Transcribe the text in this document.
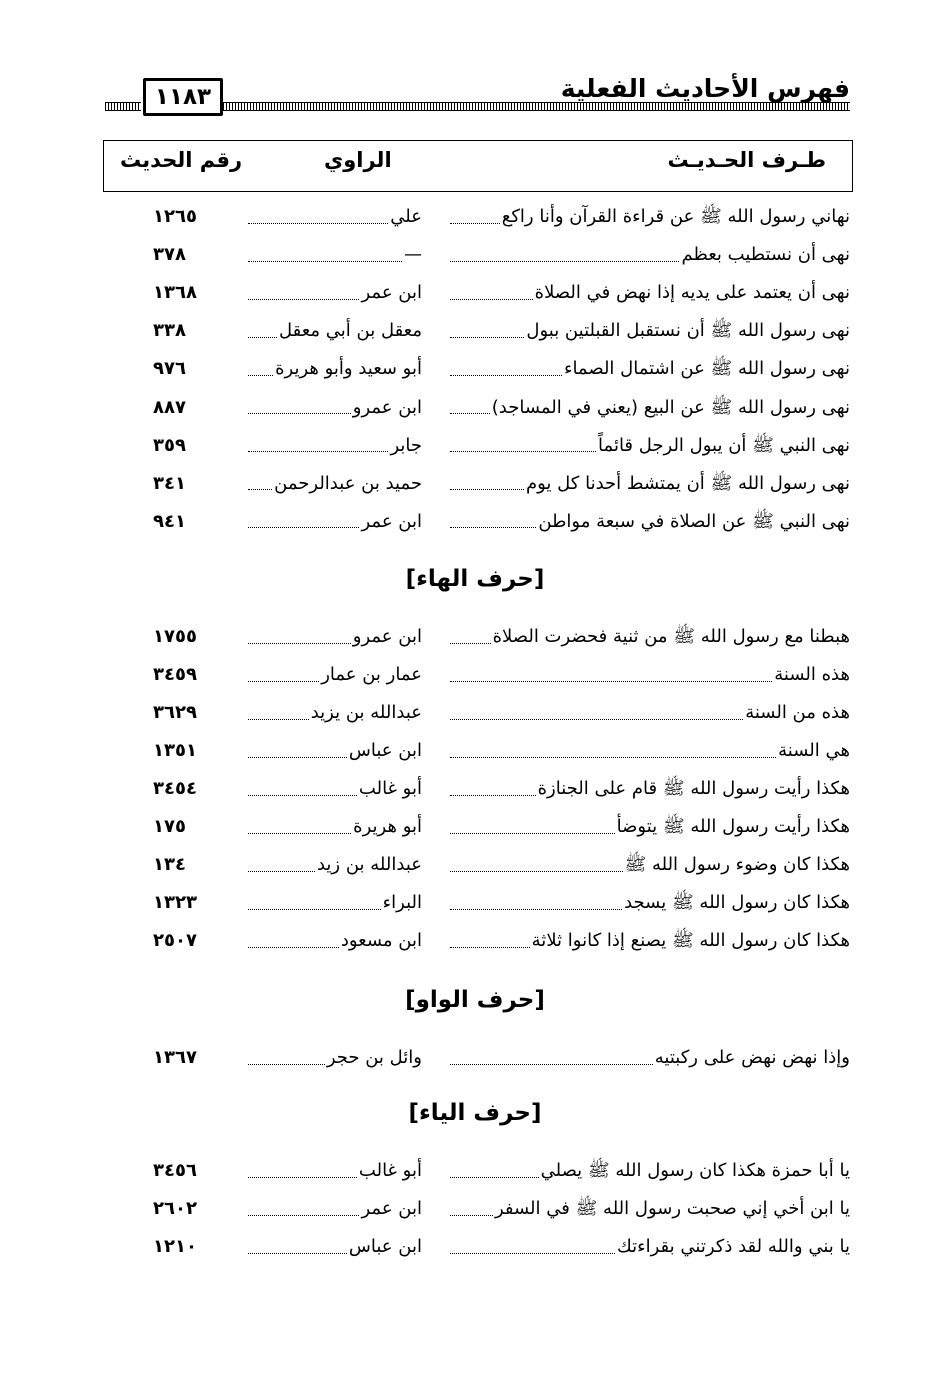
١١٨٣	فهرس الأحاديث الفعلية
طـرف الحـديـث
الراوي
رقم الحديث
نهاني رسول الله ﷺ عن قراءة القرآن وأنا راكع
علي
١٢٦٥
نهى أن نستطيب بعظم
—
٣٧٨
نهى أن يعتمد على يديه إذا نهض في الصلاة
ابن عمر
١٣٦٨
نهى رسول الله ﷺ أن نستقبل القبلتين ببول
معقل بن أبي معقل
٣٣٨
نهى رسول الله ﷺ عن اشتمال الصماء
أبو سعيد وأبو هريرة
٩٧٦
نهى رسول الله ﷺ عن البيع (يعني في المساجد)
ابن عمرو
٨٨٧
نهى النبي ﷺ أن يبول الرجل قائماً
جابر
٣٥٩
نهى رسول الله ﷺ أن يمتشط أحدنا كل يوم
حميد بن عبدالرحمن
٣٤١
نهى النبي ﷺ عن الصلاة في سبعة مواطن
ابن عمر
٩٤١
هبطنا مع رسول الله ﷺ من ثنية فحضرت الصلاة
ابن عمرو
١٧٥٥
هذه السنة
عمار بن عمار
٣٤٥٩
هذه من السنة
عبدالله بن يزيد
٣٦٢٩
هي السنة
ابن عباس
١٣٥١
هكذا رأيت رسول الله ﷺ قام على الجنازة
أبو غالب
٣٤٥٤
هكذا رأيت رسول الله ﷺ يتوضأ
أبو هريرة
١٧٥
هكذا كان وضوء رسول الله ﷺ
عبدالله بن زيد
١٣٤
هكذا كان رسول الله ﷺ يسجد
البراء
١٣٢٣
هكذا كان رسول الله ﷺ يصنع إذا كانوا ثلاثة
ابن مسعود
٢٥٠٧
وإذا نهض نهض على ركبتيه
وائل بن حجر
١٣٦٧
يا أبا حمزة هكذا كان رسول الله ﷺ يصلي
أبو غالب
٣٤٥٦
يا ابن أخي إني صحبت رسول الله ﷺ في السفر
ابن عمر
٢٦٠٢
يا بني والله لقد ذكرتني بقراءتك
ابن عباس
١٢١٠
[حرف الهاء]
[حرف الواو]
[حرف الياء]
